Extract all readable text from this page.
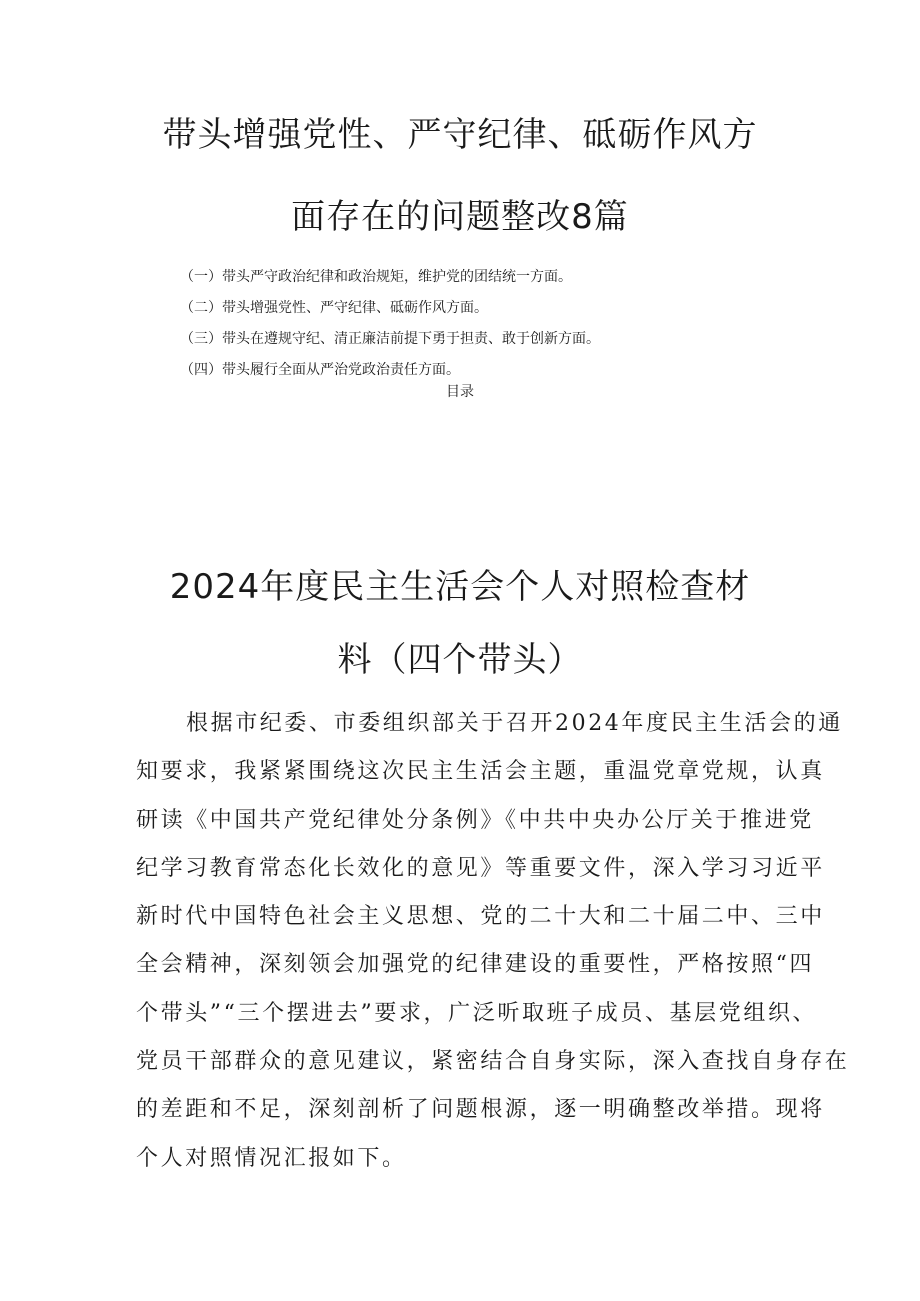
带头增强党性、严守纪律、砥砺作风方
面存在的问题整改8篇
（一）带头严守政治纪律和政治规矩，维护党的团结统一方面。
（二）带头增强党性、严守纪律、砥砺作风方面。
（三）带头在遵规守纪、清正廉洁前提下勇于担责、敢于创新方面。
（四）带头履行全面从严治党政治责任方面。
目录
2024年度民主生活会个人对照检查材
料（四个带头）

根据市纪委、市委组织部关于召开2024年度民主生活会的通
知要求，我紧紧围绕这次民主生活会主题，重温党章党规，认真
研读《中国共产党纪律处分条例》《中共中央办公厅关于推进党
纪学习教育常态化长效化的意见》等重要文件，深入学习习近平
新时代中国特色社会主义思想、党的二十大和二十届二中、三中
全会精神，深刻领会加强党的纪律建设的重要性，严格按照“四
个带头”“三个摆进去”要求，广泛听取班子成员、基层党组织、
党员干部群众的意见建议，紧密结合自身实际，深入查找自身存在
的差距和不足，深刻剖析了问题根源，逐一明确整改举措。现将
个人对照情况汇报如下。
